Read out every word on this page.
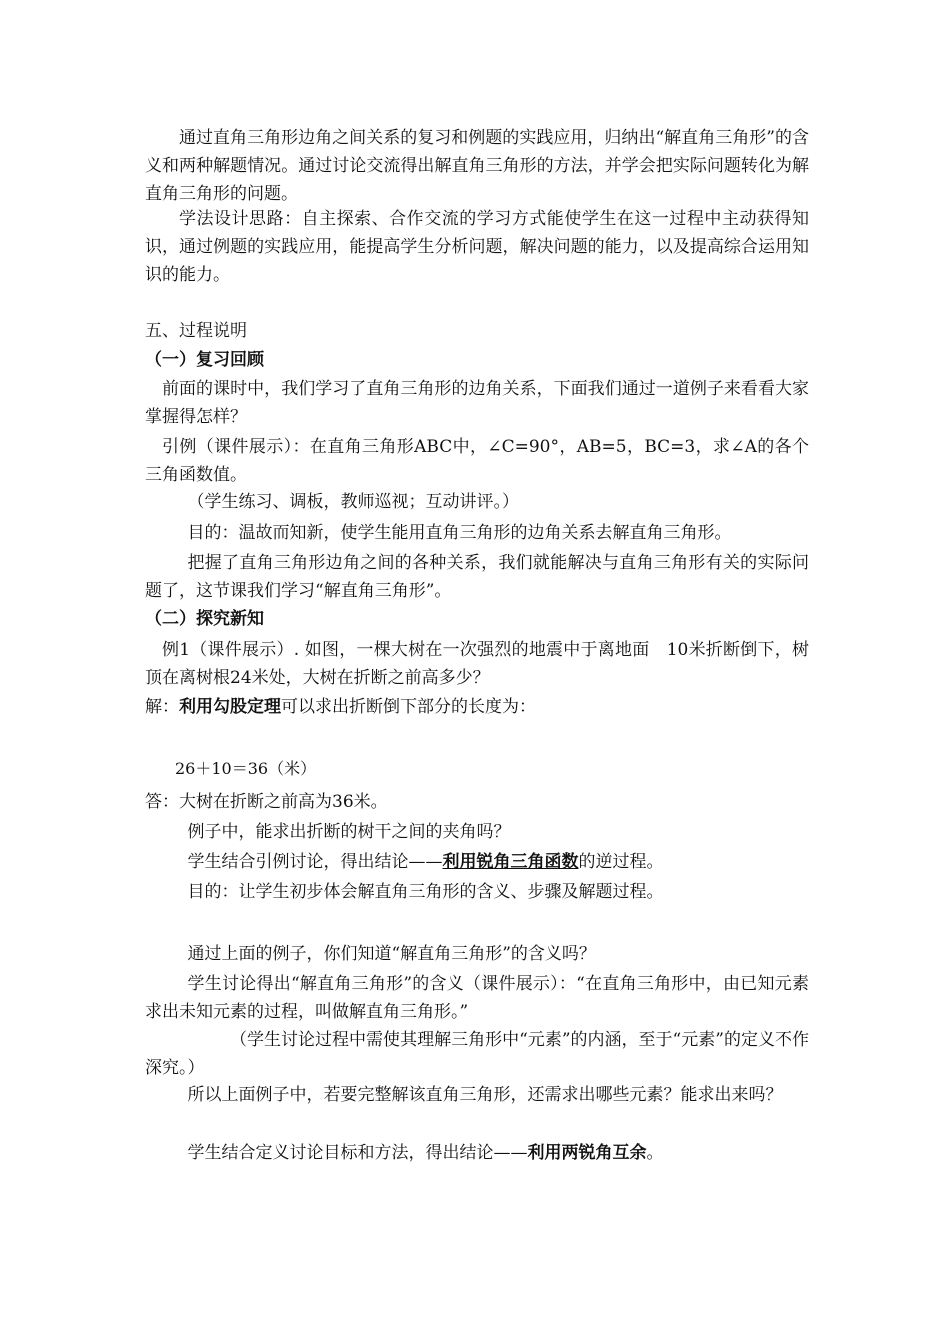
通过直角三角形边角之间关系的复习和例题的实践应用，归纳出“解直角三角形”的含义和两种解题情况。通过讨论交流得出解直角三角形的方法，并学会把实际问题转化为解直角三角形的问题。
学法设计思路：自主探索、合作交流的学习方式能使学生在这一过程中主动获得知识，通过例题的实践应用，能提高学生分析问题，解决问题的能力，以及提高综合运用知识的能力。
五、过程说明
（一）复习回顾
前面的课时中，我们学习了直角三角形的边角关系，下面我们通过一道例子来看看大家掌握得怎样？
引例（课件展示）：在直角三角形ABC中，∠C=90°，AB=5，BC=3，求∠A的各个三角函数值。
（学生练习、调板，教师巡视；互动讲评。）
目的：温故而知新，使学生能用直角三角形的边角关系去解直角三角形。
把握了直角三角形边角之间的各种关系，我们就能解决与直角三角形有关的实际问题了，这节课我们学习“解直角三角形”。
（二）探究新知
例1（课件展示）. 如图，一棵大树在一次强烈的地震中于离地面　10米折断倒下，树顶在离树根24米处，大树在折断之前高多少？
解：利用勾股定理可以求出折断倒下部分的长度为：
26＋10＝36（米）
答：大树在折断之前高为36米。
例子中，能求出折断的树干之间的夹角吗？
学生结合引例讨论，得出结论——利用锐角三角函数的逆过程。
目的：让学生初步体会解直角三角形的含义、步骤及解题过程。
通过上面的例子，你们知道“解直角三角形”的含义吗？
学生讨论得出“解直角三角形”的含义（课件展示）：“在直角三角形中，由已知元素求出未知元素的过程，叫做解直角三角形。”
（学生讨论过程中需使其理解三角形中“元素”的内涵，至于“元素”的定义不作深究。）
所以上面例子中，若要完整解该直角三角形，还需求出哪些元素？能求出来吗？
学生结合定义讨论目标和方法，得出结论——利用两锐角互余。
